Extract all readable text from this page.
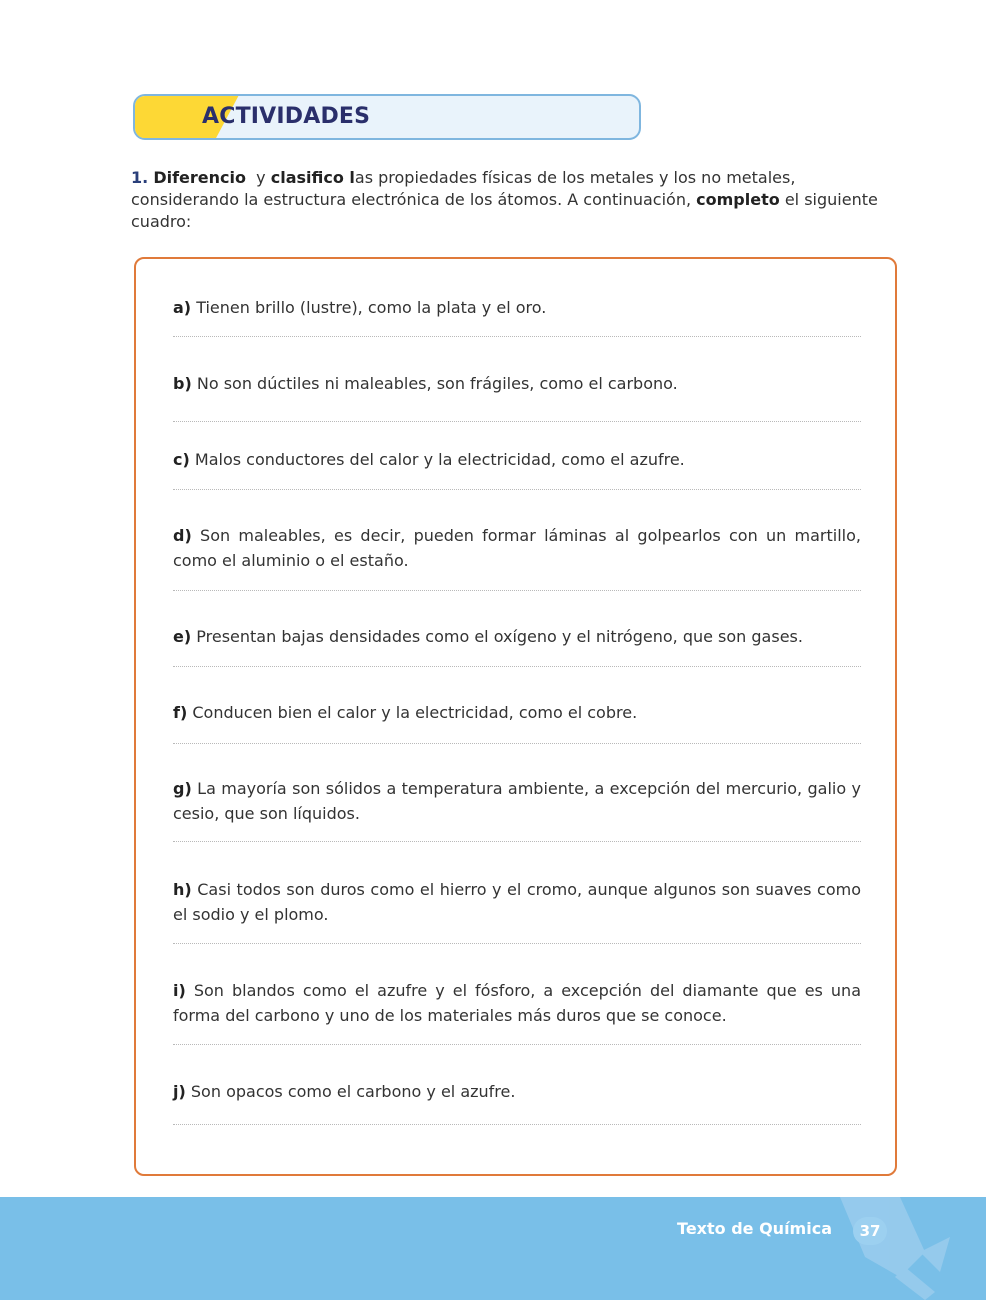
ACTIVIDADES
1. Diferencio y clasifico las propiedades físicas de los metales y los no metales, considerando la estructura electrónica de los átomos. A continuación, completo el siguiente cuadro:
a) Tienen brillo (lustre), como la plata y el oro.
b) No son dúctiles ni maleables, son frágiles, como el carbono.
c) Malos conductores del calor y la electricidad, como el azufre.
d) Son maleables, es decir, pueden formar láminas al golpearlos con un martillo, como el aluminio o el estaño.
e) Presentan bajas densidades como el oxígeno y el nitrógeno, que son gases.
f) Conducen bien el calor y la electricidad, como el cobre.
g) La mayoría son sólidos a temperatura ambiente, a excepción del mercurio, galio y cesio, que son líquidos.
h) Casi todos son duros como el hierro y el cromo, aunque algunos son suaves como el sodio y el plomo.
i) Son blandos como el azufre y el fósforo, a excepción del diamante que es una forma del carbono y uno de los materiales más duros que se conoce.
j) Son opacos como el carbono y el azufre.
Texto de Química	37
